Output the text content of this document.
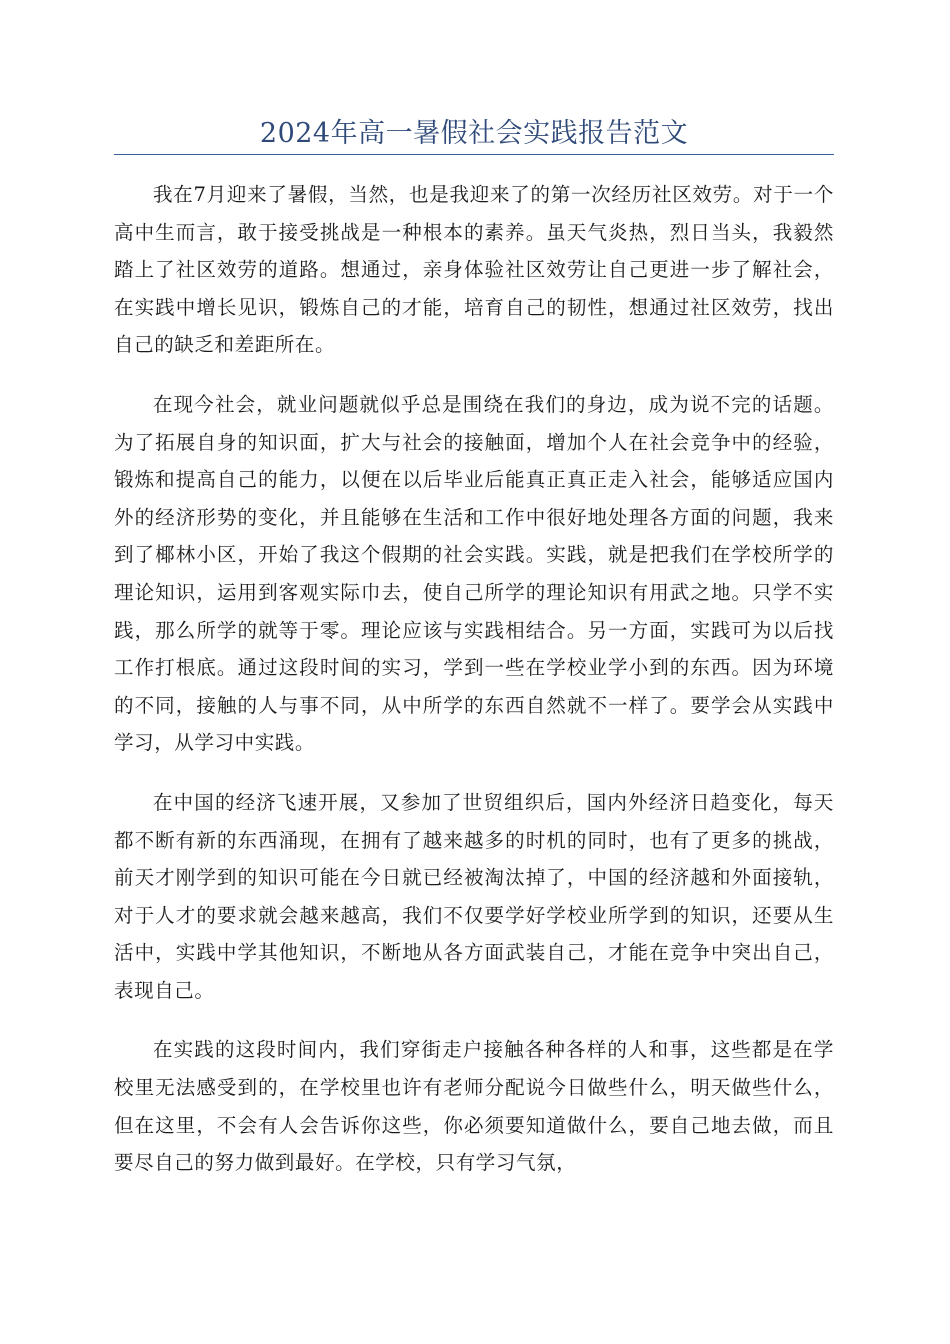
2024年高一暑假社会实践报告范文

我在7月迎来了暑假，当然，也是我迎来了的第一次经历社区效劳。对于一个高中生而言，敢于接受挑战是一种根本的素养。虽天气炎热，烈日当头，我毅然踏上了社区效劳的道路。想通过，亲身体验社区效劳让自己更进一步了解社会，在实践中增长见识，锻炼自己的才能，培育自己的韧性，想通过社区效劳，找出自己的缺乏和差距所在。

在现今社会，就业问题就似乎总是围绕在我们的身边，成为说不完的话题。为了拓展自身的知识面，扩大与社会的接触面，增加个人在社会竞争中的经验，锻炼和提高自己的能力，以便在以后毕业后能真正真正走入社会，能够适应国内外的经济形势的变化，并且能够在生活和工作中很好地处理各方面的问题，我来到了椰林小区，开始了我这个假期的社会实践。实践，就是把我们在学校所学的理论知识，运用到客观实际巾去，使自己所学的理论知识有用武之地。只学不实践，那么所学的就等于零。理论应该与实践相结合。另一方面，实践可为以后找工作打根底。通过这段时间的实习，学到一些在学校业学小到的东西。因为环境的不同，接触的人与事不同，从中所学的东西自然就不一样了。要学会从实践中学习，从学习中实践。

在中国的经济飞速开展，又参加了世贸组织后，国内外经济日趋变化，每天都不断有新的东西涌现，在拥有了越来越多的时机的同时，也有了更多的挑战，前天才刚学到的知识可能在今日就已经被淘汰掉了，中国的经济越和外面接轨，对于人才的要求就会越来越高，我们不仅要学好学校业所学到的知识，还要从生活中，实践中学其他知识，不断地从各方面武装自己，才能在竞争中突出自己，表现自己。

在实践的这段时间内，我们穿街走户接触各种各样的人和事，这些都是在学校里无法感受到的，在学校里也许有老师分配说今日做些什么，明天做些什么，但在这里，不会有人会告诉你这些，你必须要知道做什么，要自己地去做，而且要尽自己的努力做到最好。在学校，只有学习气氛，
